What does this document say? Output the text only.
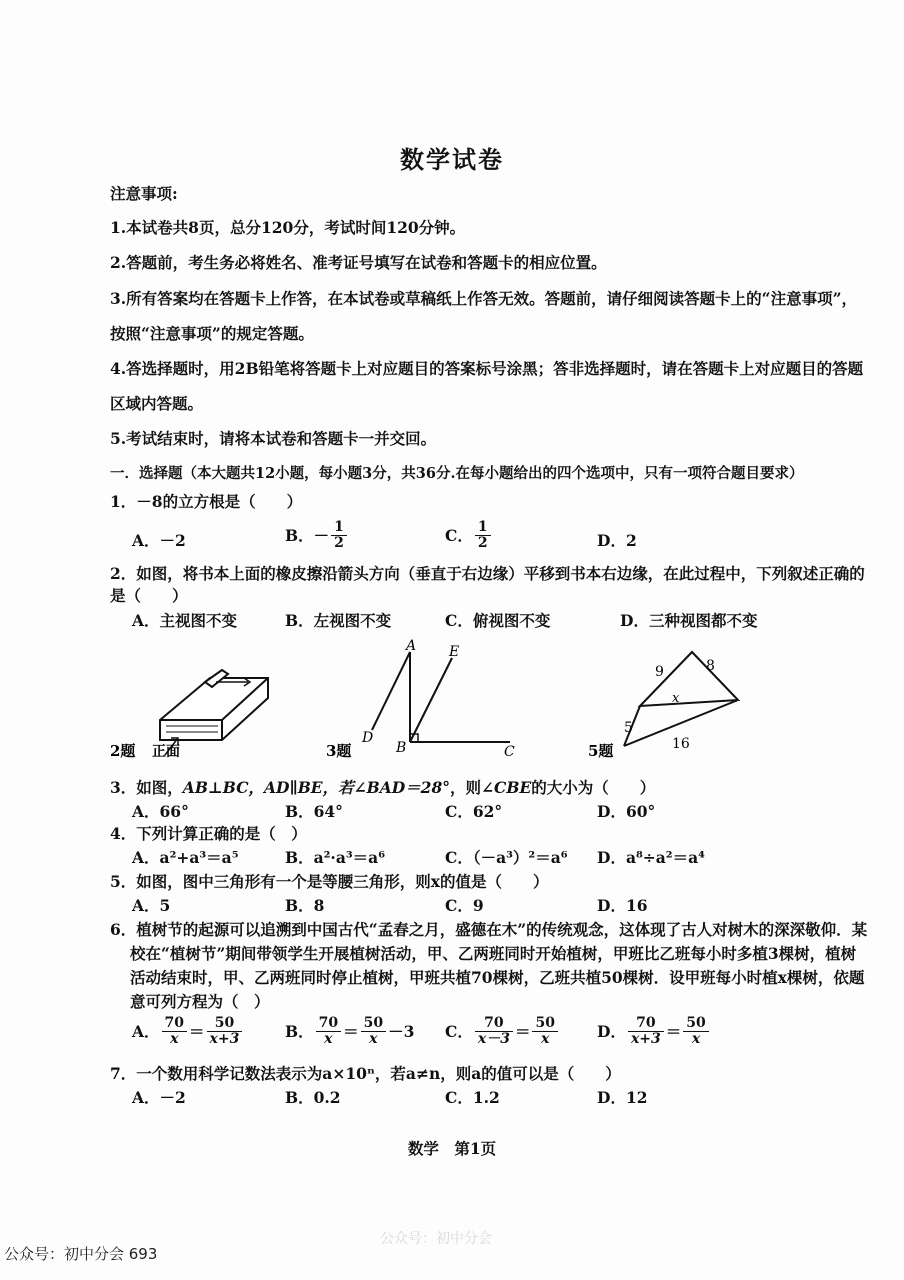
数学试卷
注意事项:
1.本试卷共8页，总分120分，考试时间120分钟。
2.答题前，考生务必将姓名、准考证号填写在试卷和答题卡的相应位置。
3.所有答案均在答题卡上作答，在本试卷或草稿纸上作答无效。答题前，请仔细阅读答题卡上的“注意事项”，
按照“注意事项”的规定答题。
4.答选择题时，用2B铅笔将答题卡上对应题目的答案标号涂黑；答非选择题时，请在答题卡上对应题目的答题
区域内答题。
5.考试结束时，请将本试卷和答题卡一并交回。
一．选择题（本大题共12小题，每小题3分，共36分.在每小题给出的四个选项中，只有一项符合题目要求）
1．－8的立方根是（　　）
A．－2	B．－ $\frac{1}{2}$	C． $\frac{1}{2}$	D．2
2．如图，将书本上面的橡皮擦沿箭头方向（垂直于右边缘）平移到书本右边缘，在此过程中，下列叙述正确的
是（　　）
A．主视图不变	B．左视图不变	C．俯视图不变	D．三种视图都不变
2题 正面
A E
D
B	C
3题
9	8
x
5
16
5题
3．如图，AB⊥BC，AD∥BE，若∠BAD＝28°，则∠CBE的大小为（　　）
A．66°	B．64°	C．62°	D．60°
4．下列计算正确的是（　）
A．a²+a³＝a⁵	B．a²·a³＝a⁶	C．（－a³）²＝a⁶ D．a⁸÷a²＝a⁴
5．如图，图中三角形有一个是等腰三角形，则x的值是（　　）
A．5	B．8	C．9	D．16
6．植树节的起源可以追溯到中国古代“孟春之月，盛德在木”的传统观念，这体现了古人对树木的深深敬仰．某
校在“植树节”期间带领学生开展植树活动，甲、乙两班同时开始植树，甲班比乙班每小时多植3棵树，植树
活动结束时，甲、乙两班同时停止植树，甲班共植70棵树，乙班共植50棵树．设甲班每小时植x棵树，依题
意可列方程为（　）
A． $\frac{70}{x} = \frac{50}{x+3}$	B． $\frac{70}{x} = \frac{50}{x} -3$ C． $\frac{70}{x-3} = \frac{50}{x}$	D． $\frac{70}{x+3} = \frac{50}{x}$
7．一个数用科学记数法表示为a×10ⁿ，若a≠n，则a的值可以是（　　）
A．－2	B．0.2	C．1.2	D．12
数学　第1页
公众号：初中分会
公众号：初中分会 693
